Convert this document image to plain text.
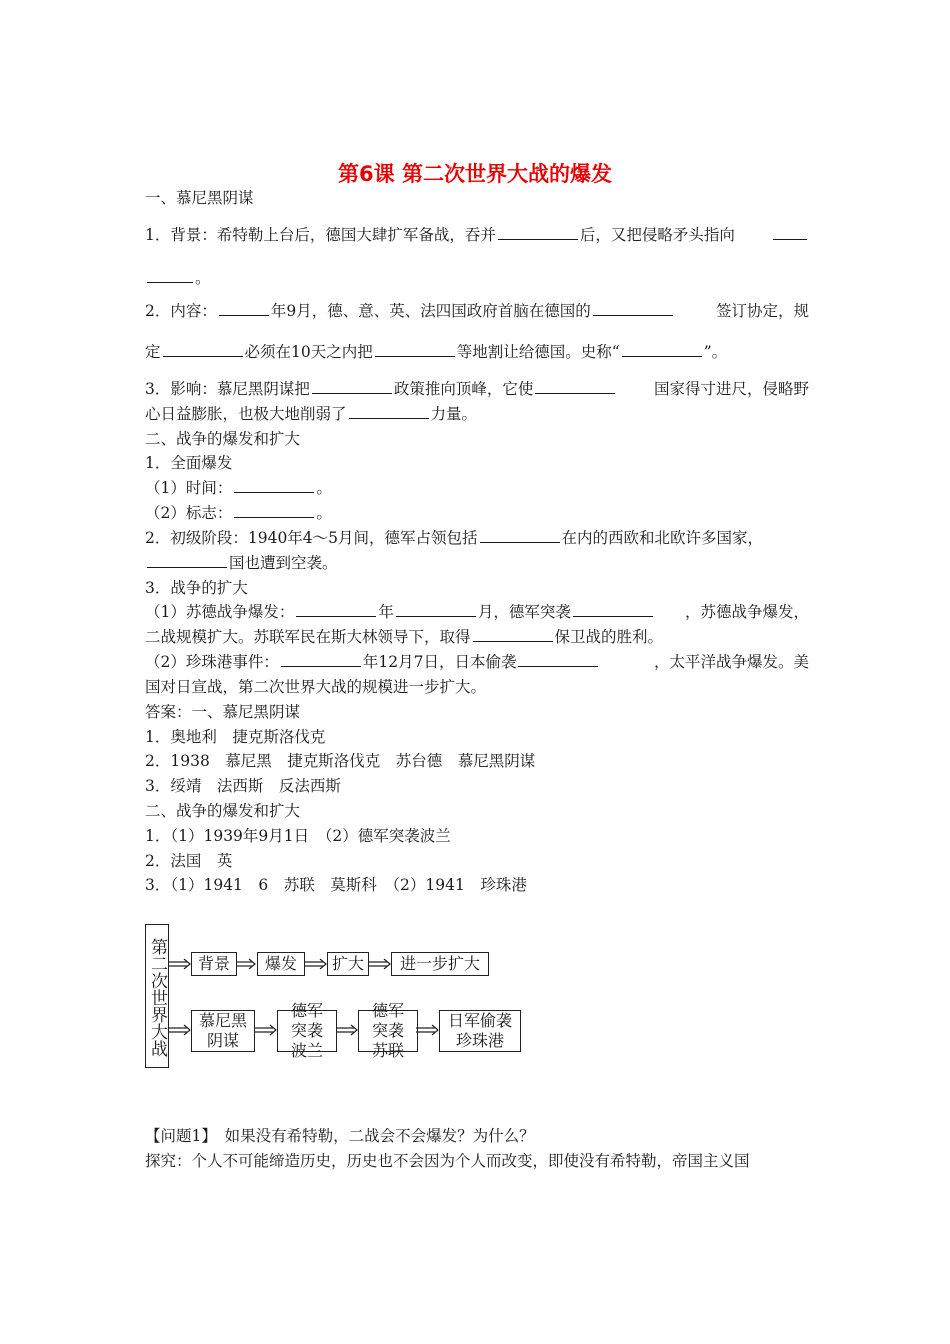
第6课 第二次世界大战的爆发
一、慕尼黑阴谋
1．背景：希特勒上台后，德国大肆扩军备战，吞并	后，又把侵略矛头指向
。
2．内容：	年9月，德、意、英、法四国政府首脑在德国的	签订协定，规
定	必须在10天之内把	等地割让给德国。史称“	”。
3．影响：慕尼黑阴谋把	政策推向顶峰，它使	国家得寸进尺，侵略野
心日益膨胀，也极大地削弱了	力量。
二、战争的爆发和扩大
1．全面爆发
（1）时间：	。
（2）标志：	。
2．初级阶段：1940年4～5月间，德军占领包括	在内的西欧和北欧许多国家，
国也遭到空袭。
3．战争的扩大
（1）苏德战争爆发：	年	月，德军突袭	，苏德战争爆发，
二战规模扩大。苏联军民在斯大林领导下，取得	保卫战的胜利。
（2）珍珠港事件：	年12月7日，日本偷袭	，太平洋战争爆发。美
国对日宣战，第二次世界大战的规模进一步扩大。
答案：一、慕尼黑阴谋
1．奥地利　捷克斯洛伐克
2．1938　慕尼黑　捷克斯洛伐克　苏台德　慕尼黑阴谋
3．绥靖　法西斯　反法西斯
二、战争的爆发和扩大
1．（1）1939年9月1日　（2）德军突袭波兰
2．法国　英
3．（1）1941　6　苏联　莫斯科　（2）1941　珍珠港
第二次世界大战	背景	爆发	扩大	进一步扩大
慕尼黑阴谋
德军突袭波兰
德军突袭苏联
日军偷袭珍珠港
【问题1】　如果没有希特勒，二战会不会爆发？为什么？
探究：个人不可能缔造历史，历史也不会因为个人而改变，即使没有希特勒，帝国主义国
